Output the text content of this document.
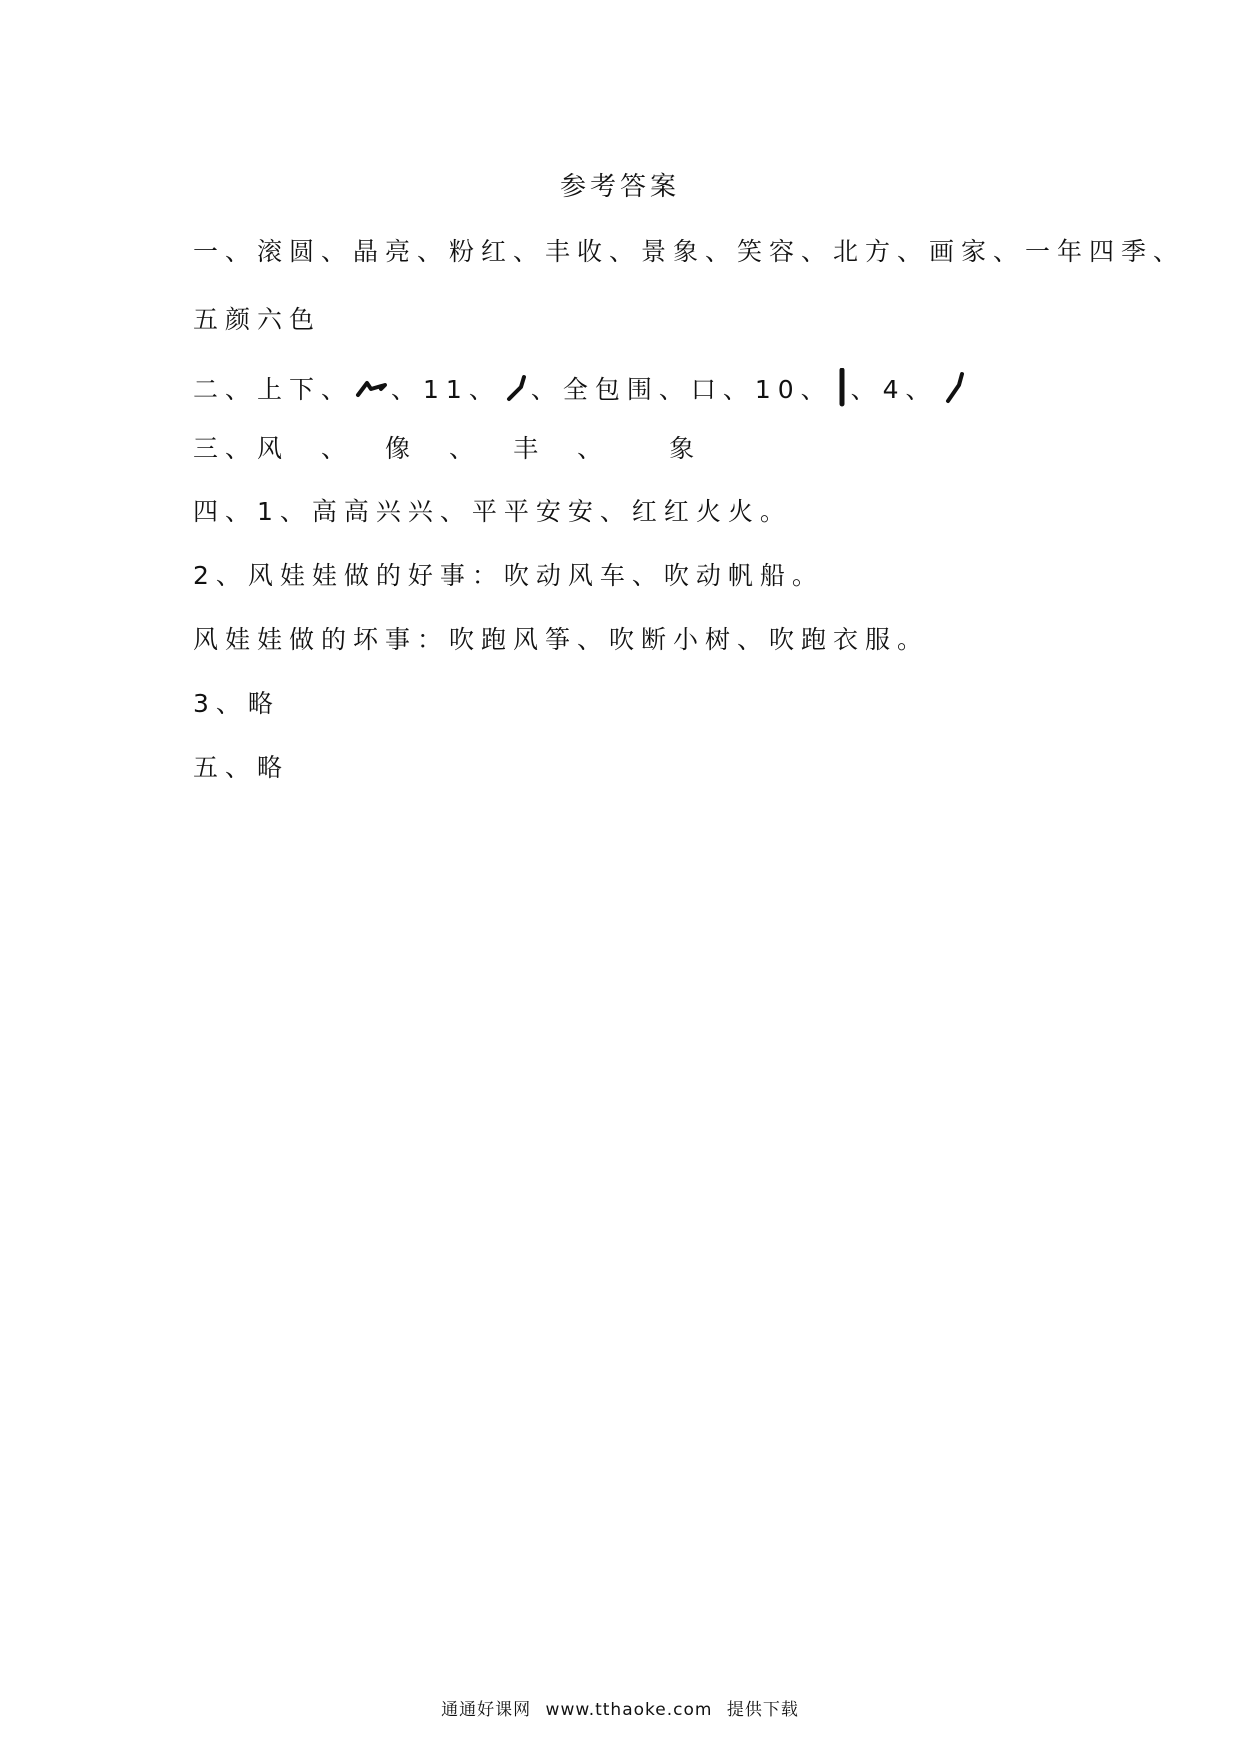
参考答案
一、滚圆、晶亮、粉红、丰收、景象、笑容、北方、画家、一年四季、
五颜六色
二、上下、 、11、 、全包围、口、10、 、4、
三、风 、 像 、 丰 、 象
四、1、高高兴兴、平平安安、红红火火。
2、风娃娃做的好事：吹动风车、吹动帆船。
风娃娃做的坏事：吹跑风筝、吹断小树、吹跑衣服。
3、略
五、略
通通好课网 www.tthaoke.com 提供下载
